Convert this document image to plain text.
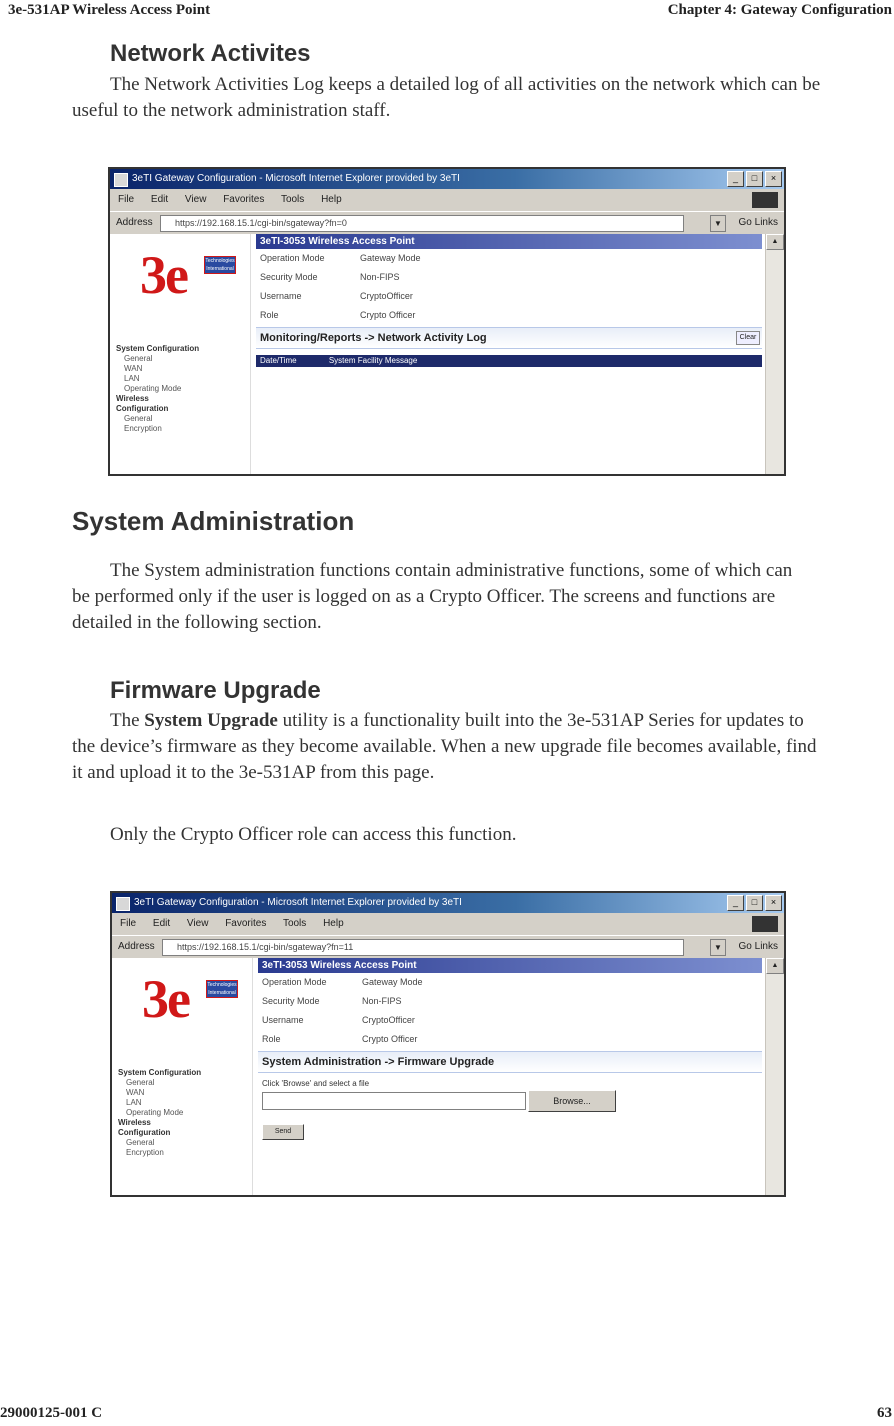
3e-531AP Wireless Access Point	Chapter 4: Gateway Configuration
Network Activites

The Network Activities Log keeps a detailed log of all activities on the network which can be useful to the network administration staff.

3eTI Gateway Configuration - Microsoft Internet Explorer provided by 3eTI	_	□	×
File Edit View Favorites Tools Help
Address	https://192.168.15.1/cgi-bin/sgateway?fn=0	▼	Go Links
3e	Technologies International
System Configuration
General
WAN
LAN
Operating Mode
Wireless
Configuration
General
Encryption
3eTI-3053 Wireless Access Point
Operation Mode	Gateway Mode
Security Mode	Non-FIPS
Username	CryptoOfficer
Role	Crypto Officer
Monitoring/Reports -> Network Activity Log	Clear
Date/Time	System Facility Message
▲
System Administration

The System administration functions contain administrative functions, some of which can be performed only if the user is logged on as a Crypto Officer. The screens and functions are detailed in the following section.

Firmware Upgrade

The System Upgrade utility is a functionality built into the 3e-531AP Series for updates to the device’s firmware as they become available. When a new upgrade file becomes available, find it and upload it to the 3e-531AP from this page.

Only the Crypto Officer role can access this function.

3eTI Gateway Configuration - Microsoft Internet Explorer provided by 3eTI	_	□	×
File Edit View Favorites Tools Help
Address	https://192.168.15.1/cgi-bin/sgateway?fn=11	▼	Go Links
3e	Technologies International
System Configuration
General
WAN
LAN
Operating Mode
Wireless
Configuration
General
Encryption
3eTI-3053 Wireless Access Point
Operation Mode	Gateway Mode
Security Mode	Non-FIPS
Username	CryptoOfficer
Role	Crypto Officer
System Administration -> Firmware Upgrade
Click 'Browse' and select a file
Browse...
Send
▲
29000125-001 C	63
